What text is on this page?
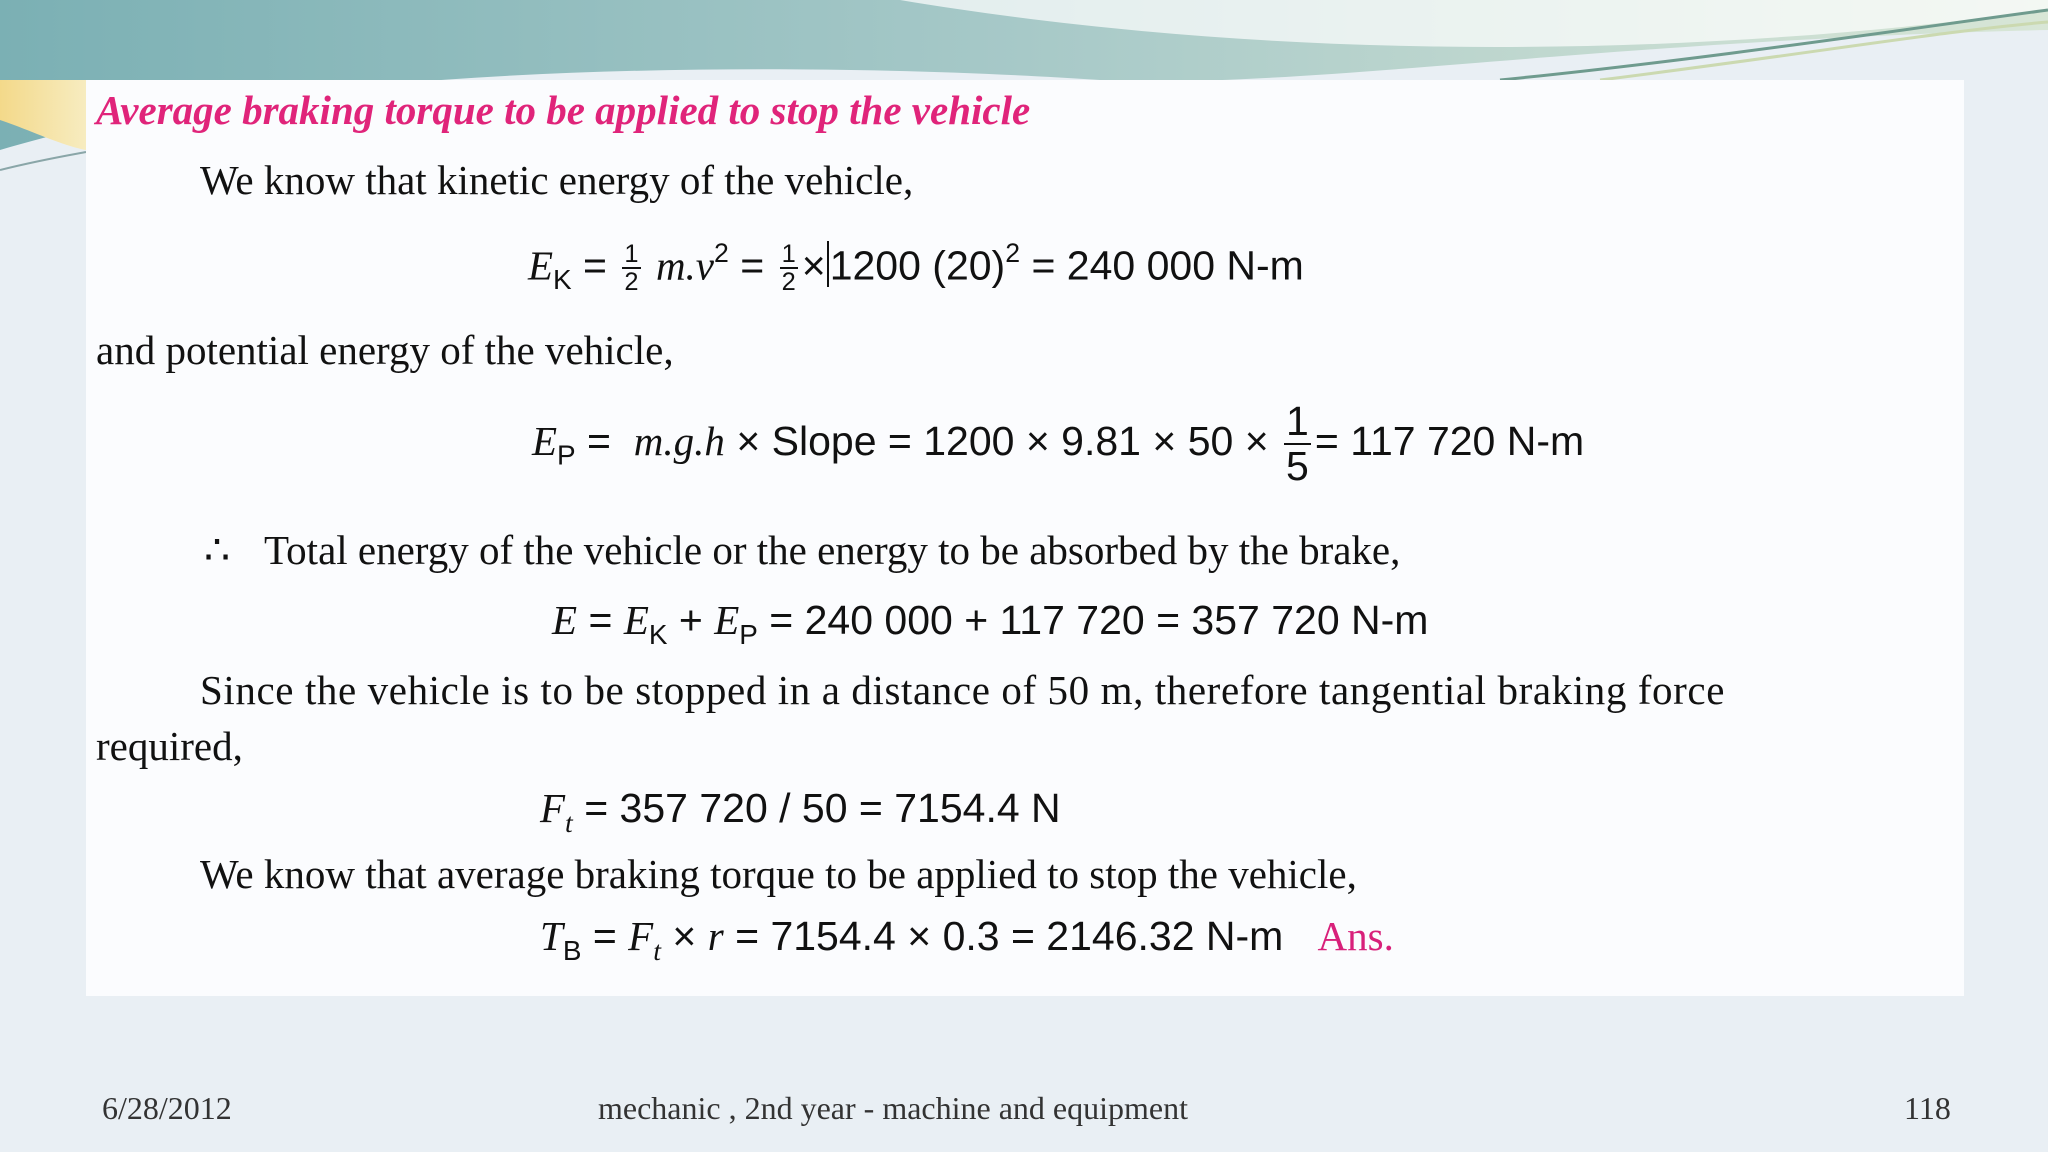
Average braking torque to be applied to stop the vehicle
We know that kinetic energy of the vehicle,
$E_K = \frac{1}{2} m.v^2 = \frac{1}{2} \times 1200$ $(20)^2 = 240$ 000 N-m
and potential energy of the vehicle,
$E_P = m.g.h$ × Slope = $1200 \times 9.81 \times 50 \times \frac{1}{5} = 117$ 720 N-m
∴ Total energy of the vehicle or the energy to be absorbed by the brake,
$E = E_K + E_P = 240$ 000 + 117 720 = 357 720 N-m
Since the vehicle is to be stopped in a distance of 50 m, therefore tangential braking force
required,
$F_t = 357$ 720 / 50 = 7154.4 N
We know that average braking torque to be applied to stop the vehicle,
$T_B = F_t \times r = 7154.4 \times 0.3 = 2146.32$ N-m Ans.
6/28/2012	mechanic , 2nd year - machine and equipment	118
